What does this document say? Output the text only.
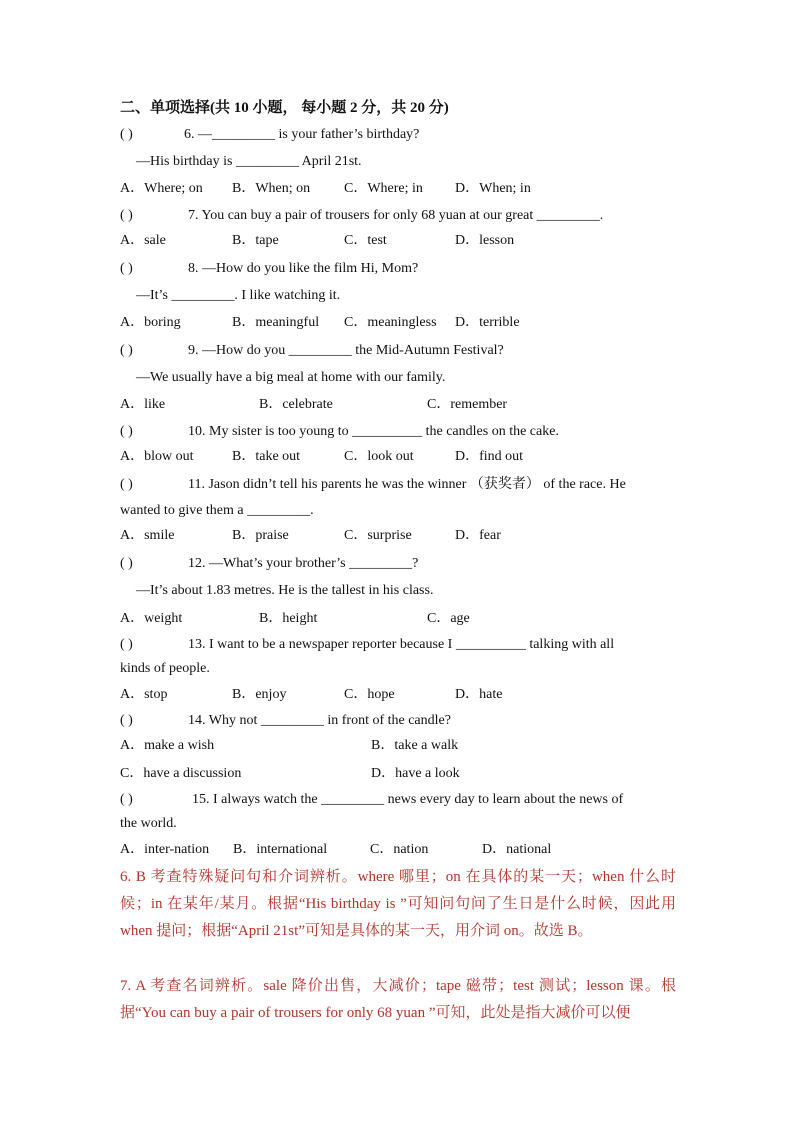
二、单项选择(共 10 小题， 每小题 2 分，共 20 分)
( )	6. —_________ is your father’s birthday?
—His birthday is _________ April 21st.
A．Where; on B．When; on C．Where; in D．When; in
( )	7. You can buy a pair of trousers for only 68 yuan at our great _________.
A．sale	B．tape	C．test	D．lesson
( )	8. —How do you like the film Hi, Mom?
—It’s _________. I like watching it.
A．boring	B．meaningful C．meaningless D．terrible
( )	9. —How do you _________ the Mid-Autumn Festival?
—We usually have a big meal at home with our family.
A．like	B．celebrate	C．remember
( )	10. My sister is too young to __________ the candles on the cake.
A．blow out	B．take out	C．look out	D．find out
( )	11. Jason didn’t tell his parents he was the winner （获奖者） of the race. He
wanted to give them a _________.
A．smile	B．praise	C．surprise	D．fear
( )	12. —What’s your brother’s _________?
—It’s about 1.83 metres. He is the tallest in his class.
A．weight	B．height	C．age
( )	13. I want to be a newspaper reporter because I __________ talking with all
kinds of people.
A．stop	B．enjoy	C．hope	D．hate
( )	14. Why not _________ in front of the candle?
A．make a wish	B．take a walk
C．have a discussion	D．have a look
( )	15. I always watch the _________ news every day to learn about the news of
the world.
A．inter-nation B．international	C．nation	D．national
6. B 考查特殊疑问句和介词辨析。where 哪里；on 在具体的某一天；when 什么时候；in 在某年/某月。根据“His birthday is ”可知问句问了生日是什么时候，因此用 when 提问；根据“April 21st”可知是具体的某一天，用介词 on。故选 B。
7. A 考查名词辨析。sale 降价出售，大减价；tape 磁带；test 测试；lesson 课。根据“You can buy a pair of trousers for only 68 yuan ”可知，此处是指大减价可以便
